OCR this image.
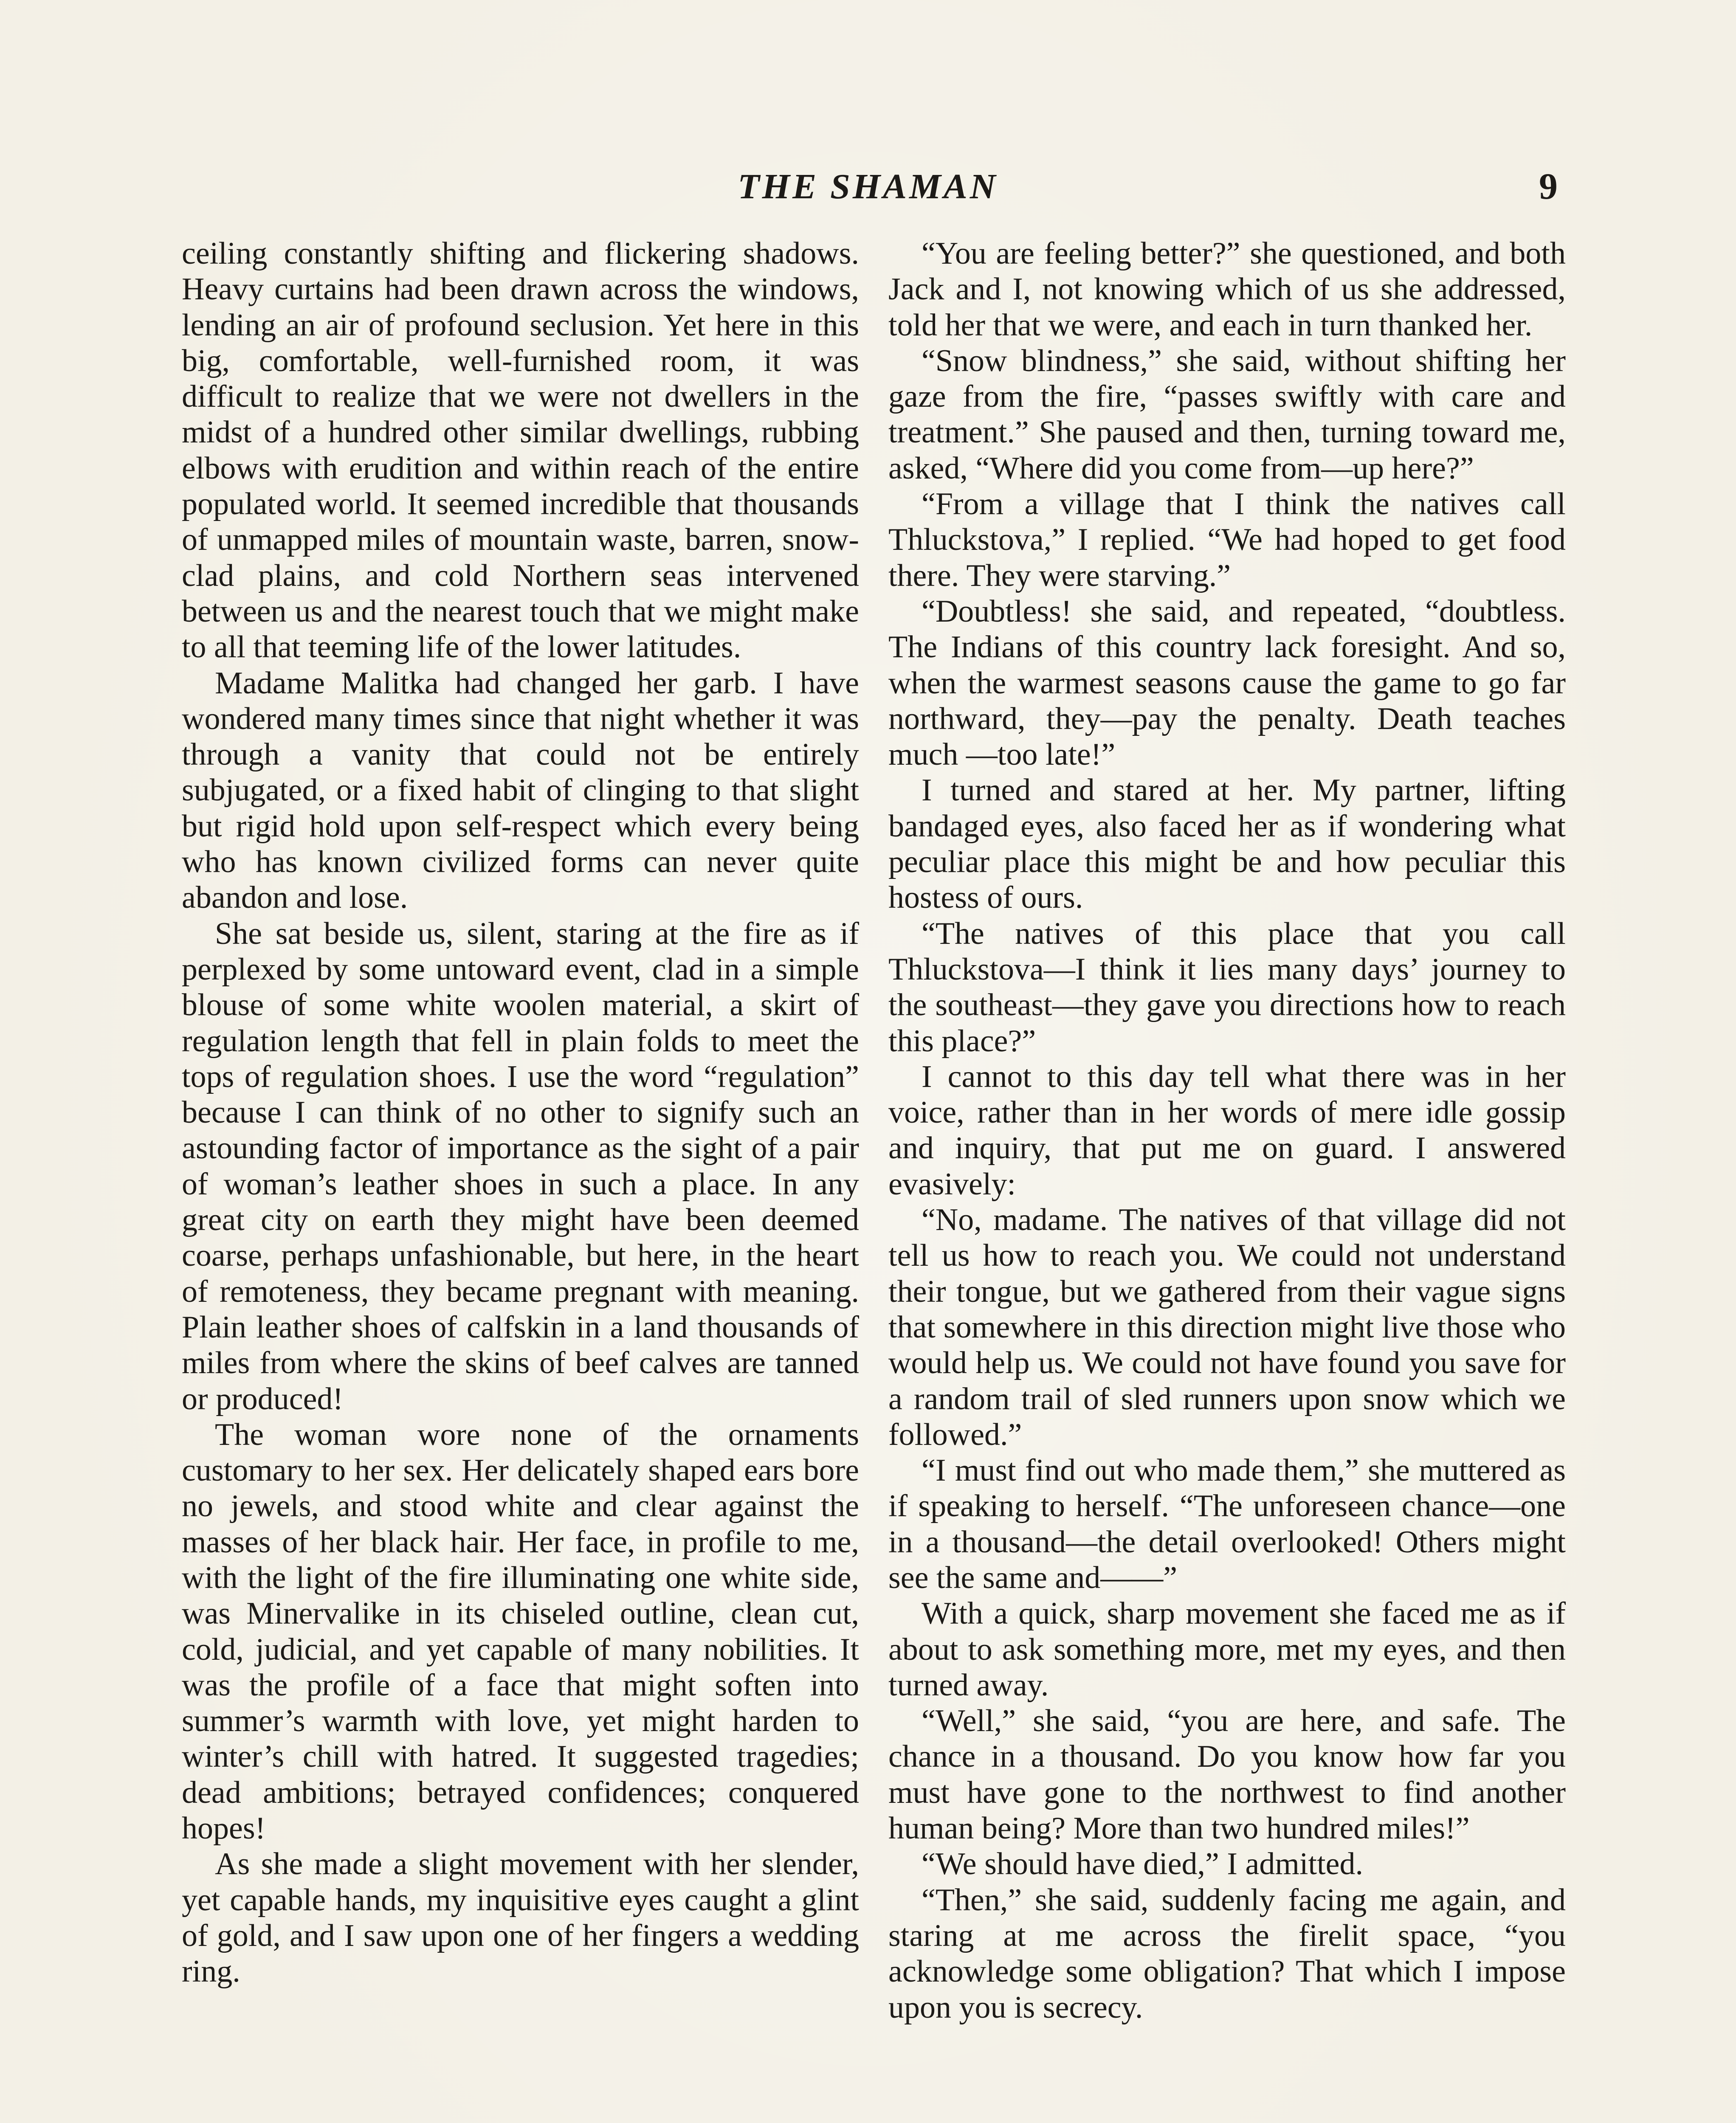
THE SHAMAN	9

ceiling constantly shifting and flickering shadows. Heavy curtains had been drawn across the windows, lending an air of profound seclusion. Yet here in this big, comfortable, well-furnished room, it was difficult to realize that we were not dwellers in the midst of a hundred other similar dwellings, rubbing elbows with erudition and within reach of the entire populated world. It seemed incredible that thousands of unmapped miles of mountain waste, barren, snow-clad plains, and cold Northern seas intervened between us and the nearest touch that we might make to all that teeming life of the lower latitudes.

Madame Malitka had changed her garb. I have wondered many times since that night whether it was through a vanity that could not be entirely subjugated, or a fixed habit of clinging to that slight but rigid hold upon self-respect which every being who has known civilized forms can never quite abandon and lose.

She sat beside us, silent, staring at the fire as if perplexed by some untoward event, clad in a simple blouse of some white woolen material, a skirt of regulation length that fell in plain folds to meet the tops of regulation shoes. I use the word “regulation” because I can think of no other to signify such an astounding factor of importance as the sight of a pair of woman’s leather shoes in such a place. In any great city on earth they might have been deemed coarse, perhaps unfashionable, but here, in the heart of remoteness, they became pregnant with meaning. Plain leather shoes of calfskin in a land thousands of miles from where the skins of beef calves are tanned or produced!

The woman wore none of the ornaments customary to her sex. Her delicately shaped ears bore no jewels, and stood white and clear against the masses of her black hair. Her face, in profile to me, with the light of the fire illuminating one white side, was Minervalike in its chiseled outline, clean cut, cold, judicial, and yet capable of many nobilities. It was the profile of a face that might soften into summer’s warmth with love, yet might harden to winter’s chill with hatred. It suggested tragedies; dead ambitions; betrayed confidences; conquered hopes!

As she made a slight movement with her slender, yet capable hands, my inquisitive eyes caught a glint of gold, and I saw upon one of her fingers a wedding ring.

“You are feeling better?” she questioned, and both Jack and I, not knowing which of us she addressed, told her that we were, and each in turn thanked her.

“Snow blindness,” she said, without shifting her gaze from the fire, “passes swiftly with care and treatment.” She paused and then, turning toward me, asked, “Where did you come from—up here?”

“From a village that I think the natives call Thluckstova,” I replied. “We had hoped to get food there. They were starving.”

“Doubtless! she said, and repeated, “doubtless. The Indians of this country lack foresight. And so, when the warmest seasons cause the game to go far northward, they—pay the penalty. Death teaches much —too late!”

I turned and stared at her. My partner, lifting bandaged eyes, also faced her as if wondering what peculiar place this might be and how peculiar this hostess of ours.

“The natives of this place that you call Thluckstova—I think it lies many days’ journey to the southeast—they gave you directions how to reach this place?”

I cannot to this day tell what there was in her voice, rather than in her words of mere idle gossip and inquiry, that put me on guard. I answered evasively:

“No, madame. The natives of that village did not tell us how to reach you. We could not understand their tongue, but we gathered from their vague signs that somewhere in this direction might live those who would help us. We could not have found you save for a random trail of sled runners upon snow which we followed.”

“I must find out who made them,” she muttered as if speaking to herself. “The unforeseen chance—one in a thousand—the detail overlooked! Others might see the same and——”

With a quick, sharp movement she faced me as if about to ask something more, met my eyes, and then turned away.

“Well,” she said, “you are here, and safe. The chance in a thousand. Do you know how far you must have gone to the northwest to find another human being? More than two hundred miles!”

“We should have died,” I admitted.

“Then,” she said, suddenly facing me again, and staring at me across the firelit space, “you acknowledge some obligation? That which I impose upon you is secrecy.
